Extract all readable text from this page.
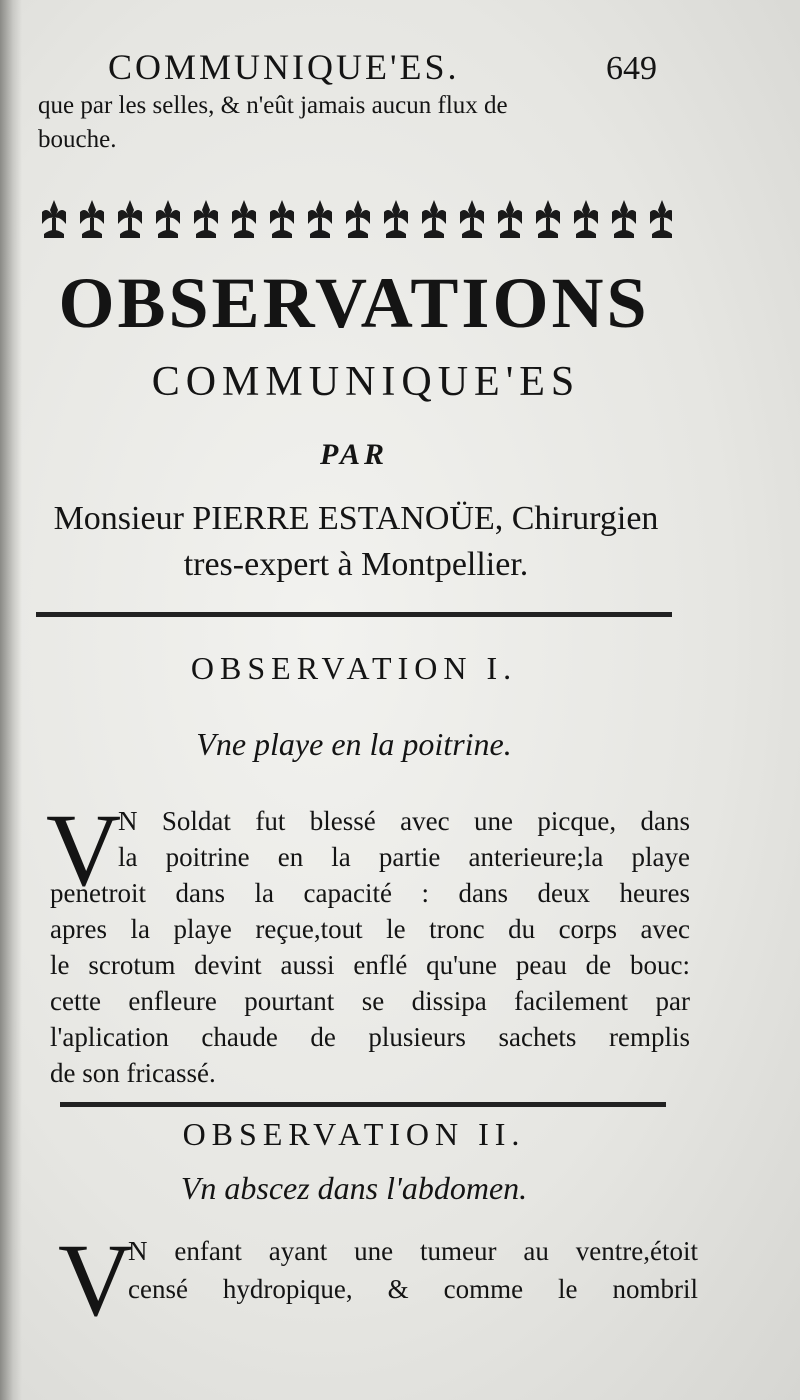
COMMUNIQUE'ES.	649
que par les selles, & n'eût jamais aucun flux de
bouche.
OBSERVATIONS
COMMUNIQUE'ES
PAR
Monsieur PIERRE ESTANOÜE, Chirurgien tres-expert à Montpellier.
OBSERVATION I.
Vne playe en la poitrine.
V
N Soldat fut blessé avec une picque, dans
la poitrine en la partie anterieure;la playe
penetroit dans la capacité : dans deux heures
apres la playe reçue,tout le tronc du corps avec
le scrotum devint aussi enflé qu'une peau de bouc:
cette enfleure pourtant se dissipa facilement par
l'aplication chaude de plusieurs sachets remplis
de son fricassé.
OBSERVATION II.
Vn abscez dans l'abdomen.
V
N enfant ayant une tumeur au ventre,étoit
censé hydropique, & comme le nombril
